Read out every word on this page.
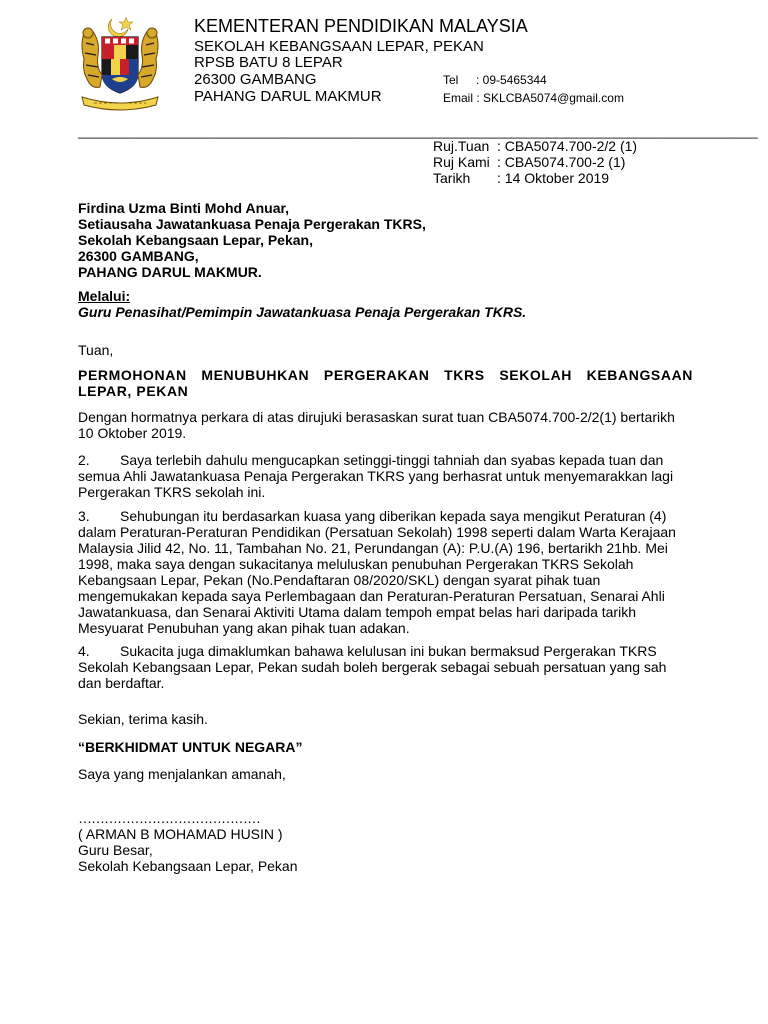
KEMENTERAN PENDIDIKAN MALAYSIA
SEKOLAH KEBANGSAAN LEPAR, PEKAN
RPSB BATU 8 LEPAR
26300 GAMBANG
PAHANG DARUL MAKMUR
Tel : 09-5465344
Email : SKLCBA5074@gmail.com
______________________________________________________________________________________________
Ruj.Tuan : CBA5074.700-2/2 (1)
Ruj Kami : CBA5074.700-2 (1)
Tarikh : 14 Oktober 2019
Firdina Uzma Binti Mohd Anuar,
Setiausaha Jawatankuasa Penaja Pergerakan TKRS,
Sekolah Kebangsaan Lepar, Pekan,
26300 GAMBANG,
PAHANG DARUL MAKMUR.
Melalui:
Guru Penasihat/Pemimpin Jawatankuasa Penaja Pergerakan TKRS.
Tuan,
PERMOHONAN MENUBUHKAN PERGERAKAN TKRS SEKOLAH KEBANGSAAN LEPAR, PEKAN
Dengan hormatnya perkara di atas dirujuki berasaskan surat tuan CBA5074.700-2/2(1) bertarikh 10 Oktober 2019.
2. Saya terlebih dahulu mengucapkan setinggi-tinggi tahniah dan syabas kepada tuan dan semua Ahli Jawatankuasa Penaja Pergerakan TKRS yang berhasrat untuk menyemarakkan lagi Pergerakan TKRS sekolah ini.
3. Sehubungan itu berdasarkan kuasa yang diberikan kepada saya mengikut Peraturan (4) dalam Peraturan-Peraturan Pendidikan (Persatuan Sekolah) 1998 seperti dalam Warta Kerajaan Malaysia Jilid 42, No. 11, Tambahan No. 21, Perundangan (A): P.U.(A) 196, bertarikh 21hb. Mei 1998, maka saya dengan sukacitanya meluluskan penubuhan Pergerakan TKRS Sekolah Kebangsaan Lepar, Pekan (No.Pendaftaran 08/2020/SKL) dengan syarat pihak tuan mengemukakan kepada saya Perlembagaan dan Peraturan-Peraturan Persatuan, Senarai Ahli Jawatankuasa, dan Senarai Aktiviti Utama dalam tempoh empat belas hari daripada tarikh Mesyuarat Penubuhan yang akan pihak tuan adakan.
4. Sukacita juga dimaklumkan bahawa kelulusan ini bukan bermaksud Pergerakan TKRS Sekolah Kebangsaan Lepar, Pekan sudah boleh bergerak sebagai sebuah persatuan yang sah dan berdaftar.
Sekian, terima kasih.
“BERKHIDMAT UNTUK NEGARA”
Saya yang menjalankan amanah,
……………………………………
( ARMAN B MOHAMAD HUSIN )
Guru Besar,
Sekolah Kebangsaan Lepar, Pekan
